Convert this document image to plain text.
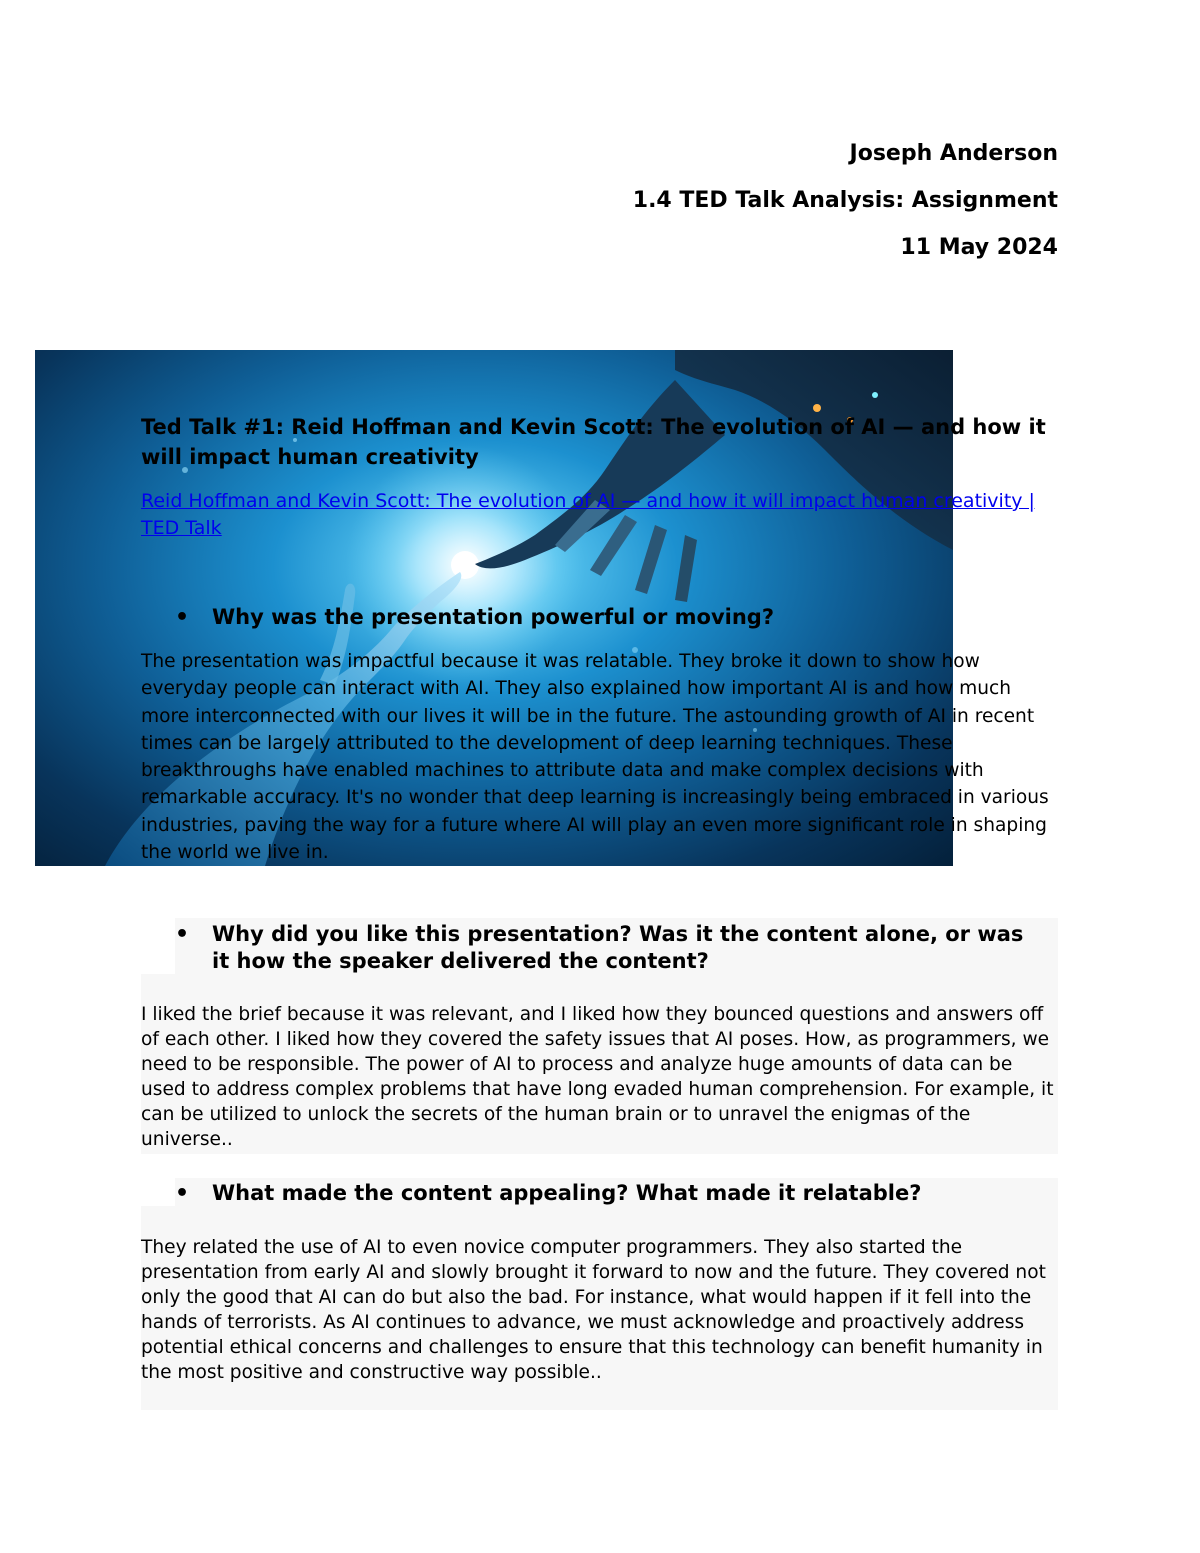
Joseph Anderson
1.4 TED Talk Analysis: Assignment
11 May 2024
Ted Talk #1: Reid Hoffman and Kevin Scott: The evolution of AI — and how it will impact human creativity
Reid Hoffman and Kevin Scott: The evolution of AI — and how it will impact human creativity | TED Talk
• Why was the presentation powerful or moving?
The presentation was impactful because it was relatable. They broke it down to show how everyday people can interact with AI. They also explained how important AI is and how much more interconnected with our lives it will be in the future. The astounding growth of AI in recent times can be largely attributed to the development of deep learning techniques. These breakthroughs have enabled machines to attribute data and make complex decisions with remarkable accuracy. It's no wonder that deep learning is increasingly being embraced in various industries, paving the way for a future where AI will play an even more significant role in shaping the world we live in.
• Why did you like this presentation? Was it the content alone, or was it how the speaker delivered the content?
I liked the brief because it was relevant, and I liked how they bounced questions and answers off of each other. I liked how they covered the safety issues that AI poses. How, as programmers, we need to be responsible. The power of AI to process and analyze huge amounts of data can be used to address complex problems that have long evaded human comprehension. For example, it can be utilized to unlock the secrets of the human brain or to unravel the enigmas of the universe..
• What made the content appealing? What made it relatable?
They related the use of AI to even novice computer programmers. They also started the presentation from early AI and slowly brought it forward to now and the future. They covered not only the good that AI can do but also the bad. For instance, what would happen if it fell into the hands of terrorists. As AI continues to advance, we must acknowledge and proactively address potential ethical concerns and challenges to ensure that this technology can benefit humanity in the most positive and constructive way possible..
